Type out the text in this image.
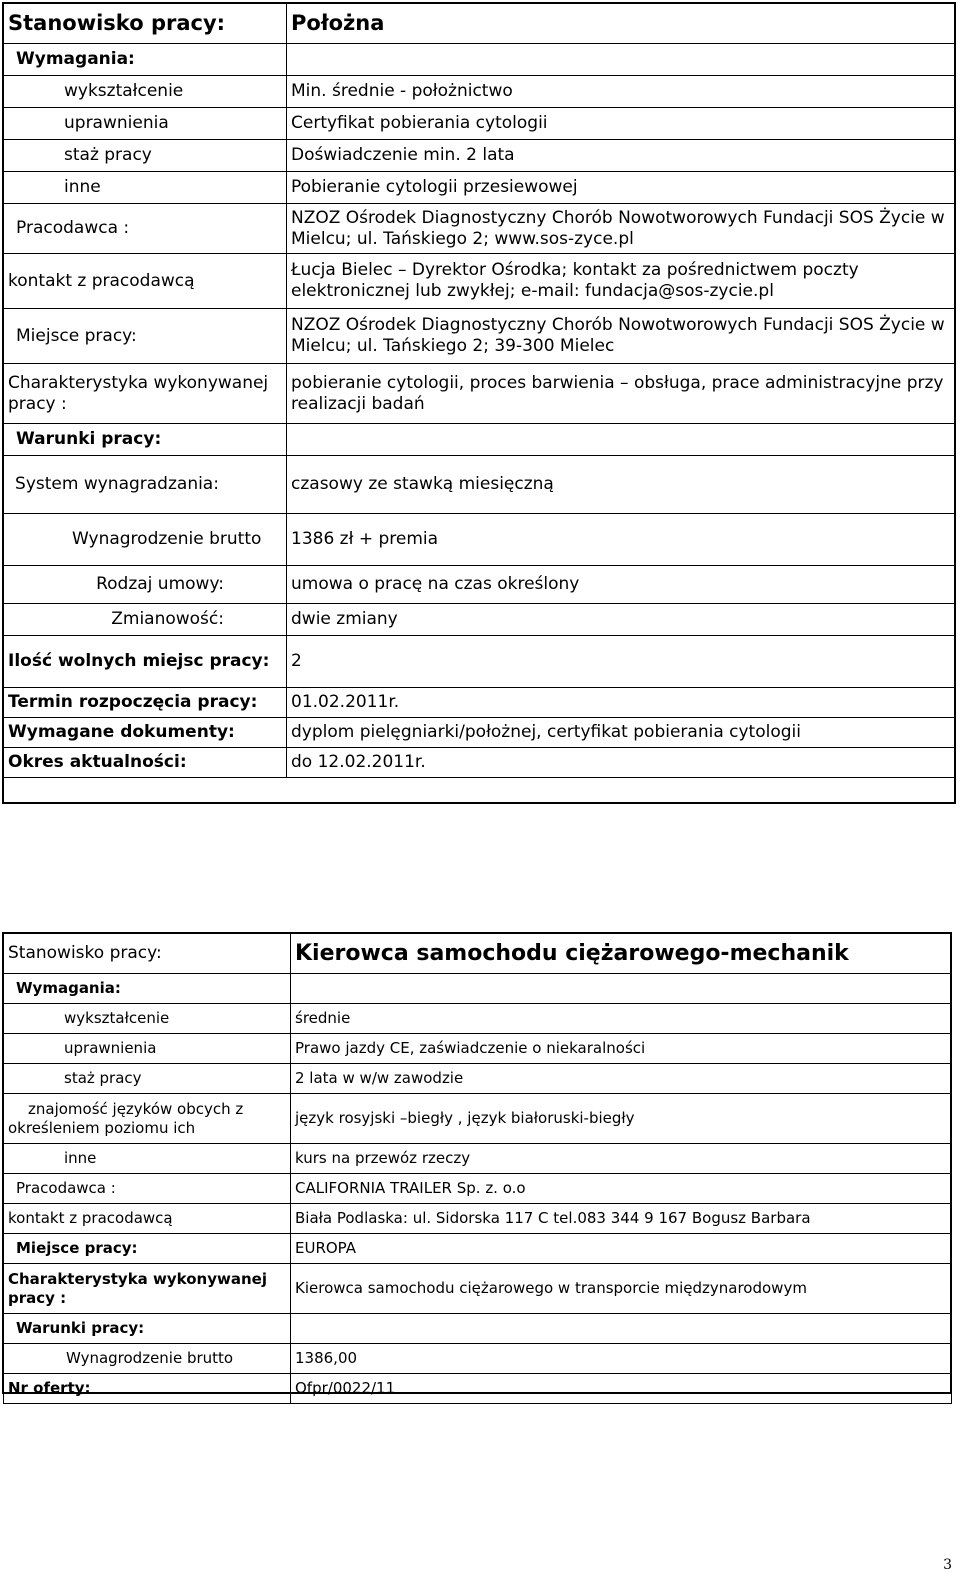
Stanowisko pracy:	Położna
Wymagania:	
wykształcenie	Min. średnie - położnictwo
uprawnienia	Certyfikat pobierania cytologii
staż pracy	Doświadczenie min. 2 lata
inne	Pobieranie cytologii przesiewowej
Pracodawca :	NZOZ Ośrodek Diagnostyczny Chorób Nowotworowych Fundacji SOS Życie w Mielcu; ul. Tańskiego 2; www.sos-zyce.pl
kontakt z pracodawcą	Łucja Bielec – Dyrektor Ośrodka; kontakt za pośrednictwem poczty elektronicznej lub zwykłej; e-mail: fundacja@sos-zycie.pl
Miejsce pracy:	NZOZ Ośrodek Diagnostyczny Chorób Nowotworowych Fundacji SOS Życie w Mielcu; ul. Tańskiego 2; 39-300 Mielec
Charakterystyka wykonywanej pracy :	pobieranie cytologii, proces barwienia – obsługa, prace administracyjne przy realizacji badań
Warunki pracy:	
System wynagradzania:	czasowy ze stawką miesięczną
Wynagrodzenie brutto	1386 zł + premia
Rodzaj umowy:	umowa o pracę na czas określony
Zmianowość:	dwie zmiany
Ilość wolnych miejsc pracy:	2
Termin rozpoczęcia pracy:	01.02.2011r.
Wymagane dokumenty:	dyplom pielęgniarki/położnej, certyfikat pobierania cytologii
Okres aktualności:	do 12.02.2011r.
Stanowisko pracy:	Kierowca samochodu ciężarowego-mechanik
Wymagania:	
wykształcenie	średnie
uprawnienia	Prawo jazdy CE, zaświadczenie o niekaralności
staż pracy	2 lata w w/w zawodzie
znajomość języków obcych z określeniem poziomu ich	język rosyjski –biegły , język białoruski-biegły
inne	kurs na przewóz rzeczy
Pracodawca :	CALIFORNIA TRAILER Sp. z. o.o
kontakt z pracodawcą	Biała Podlaska: ul. Sidorska 117 C tel.083 344 9 167 Bogusz Barbara
Miejsce pracy:	EUROPA
Charakterystyka wykonywanej pracy :	Kierowca samochodu ciężarowego w transporcie międzynarodowym
Warunki pracy:	
Wynagrodzenie brutto	1386,00
Nr oferty:	Ofpr/0022/11
3
